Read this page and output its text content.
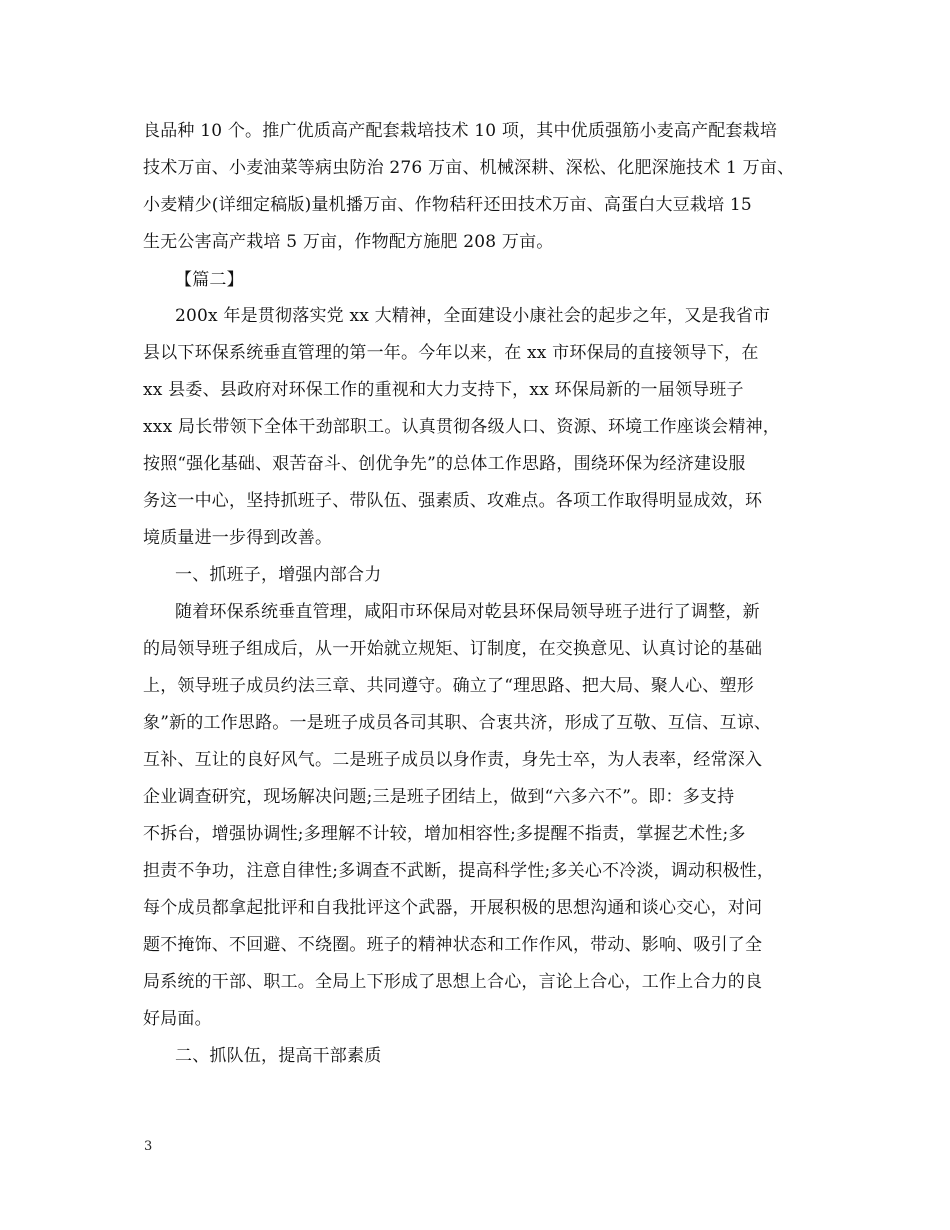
良品种 10 个。推广优质高产配套栽培技术 10 项，其中优质强筋小麦高产配套栽培
技术万亩、小麦油菜等病虫防治 276 万亩、机械深耕、深松、化肥深施技术 1 万亩、
小麦精少(详细定稿版)量机播万亩、作物秸秆还田技术万亩、高蛋白大豆栽培 15
生无公害高产栽培 5 万亩，作物配方施肥 208 万亩。
【篇二】
200x 年是贯彻落实党 xx 大精神，全面建设小康社会的起步之年，又是我省市
县以下环保系统垂直管理的第一年。今年以来，在 xx 市环保局的直接领导下，在
xx 县委、县政府对环保工作的重视和大力支持下，xx 环保局新的一届领导班子
xxx 局长带领下全体干劲部职工。认真贯彻各级人口、资源、环境工作座谈会精神，
按照“强化基础、艰苦奋斗、创优争先”的总体工作思路，围绕环保为经济建设服
务这一中心，坚持抓班子、带队伍、强素质、攻难点。各项工作取得明显成效，环
境质量进一步得到改善。
一、抓班子，增强内部合力
随着环保系统垂直管理，咸阳市环保局对乾县环保局领导班子进行了调整，新
的局领导班子组成后，从一开始就立规矩、订制度，在交换意见、认真讨论的基础
上，领导班子成员约法三章、共同遵守。确立了“理思路、把大局、聚人心、塑形
象”新的工作思路。一是班子成员各司其职、合衷共济，形成了互敬、互信、互谅、
互补、互让的良好风气。二是班子成员以身作责，身先士卒，为人表率，经常深入
企业调查研究，现场解决问题;三是班子团结上，做到“六多六不”。即：多支持
不拆台，增强协调性;多理解不计较，增加相容性;多提醒不指责，掌握艺术性;多
担责不争功，注意自律性;多调查不武断，提高科学性;多关心不冷淡，调动积极性，
每个成员都拿起批评和自我批评这个武器，开展积极的思想沟通和谈心交心，对问
题不掩饰、不回避、不绕圈。班子的精神状态和工作作风，带动、影响、吸引了全
局系统的干部、职工。全局上下形成了思想上合心，言论上合心，工作上合力的良
好局面。
二、抓队伍，提高干部素质
3
